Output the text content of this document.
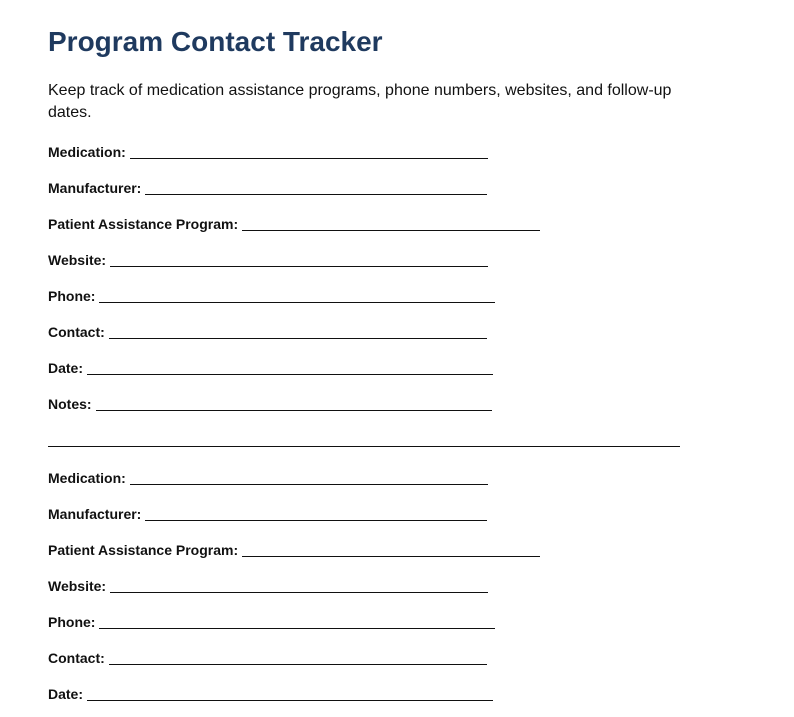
Program Contact Tracker

Keep track of medication assistance programs, phone numbers, websites, and follow-up dates.

Medication:
Manufacturer:
Patient Assistance Program:
Website:
Phone:
Contact:
Date:
Notes:
Medication:
Manufacturer:
Patient Assistance Program:
Website:
Phone:
Contact:
Date:
